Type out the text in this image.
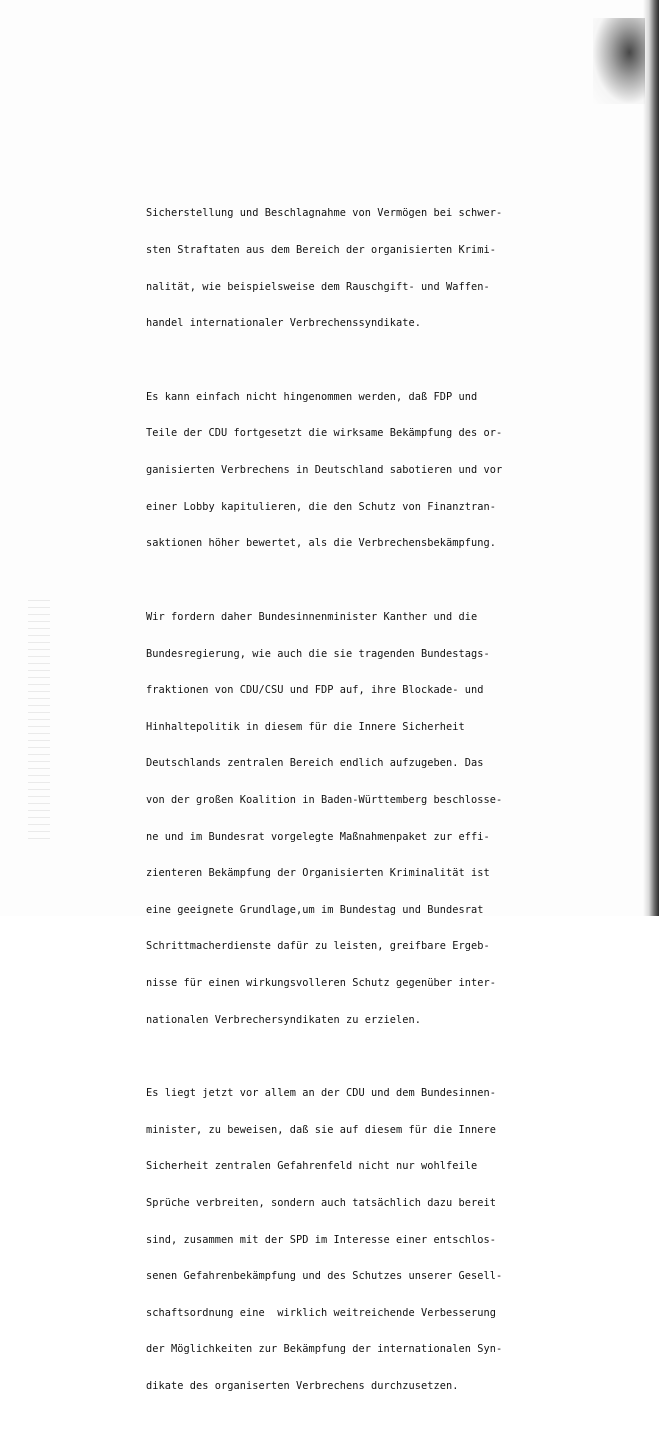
Sicherstellung und Beschlagnahme von Vermögen bei schwer-

sten Straftaten aus dem Bereich der organisierten Krimi-

nalität, wie beispielsweise dem Rauschgift- und Waffen-

handel internationaler Verbrechenssyndikate.

Es kann einfach nicht hingenommen werden, daß FDP und

Teile der CDU fortgesetzt die wirksame Bekämpfung des or-

ganisierten Verbrechens in Deutschland sabotieren und vor

einer Lobby kapitulieren, die den Schutz von Finanztran-

saktionen höher bewertet, als die Verbrechensbekämpfung.

Wir fordern daher Bundesinnenminister Kanther und die

Bundesregierung, wie auch die sie tragenden Bundestags-

fraktionen von CDU/CSU und FDP auf, ihre Blockade- und

Hinhaltepolitik in diesem für die Innere Sicherheit

Deutschlands zentralen Bereich endlich aufzugeben. Das

von der großen Koalition in Baden-Württemberg beschlosse-

ne und im Bundesrat vorgelegte Maßnahmenpaket zur effi-

zienteren Bekämpfung der Organisierten Kriminalität ist

eine geeignete Grundlage,um im Bundestag und Bundesrat

Schrittmacherdienste dafür zu leisten, greifbare Ergeb-

nisse für einen wirkungsvolleren Schutz gegenüber inter-

nationalen Verbrechersyndikaten zu erzielen.

Es liegt jetzt vor allem an der CDU und dem Bundesinnen-

minister, zu beweisen, daß sie auf diesem für die Innere

Sicherheit zentralen Gefahrenfeld nicht nur wohlfeile

Sprüche verbreiten, sondern auch tatsächlich dazu bereit

sind, zusammen mit der SPD im Interesse einer entschlos-

senen Gefahrenbekämpfung und des Schutzes unserer Gesell-

schaftsordnung eine  wirklich weitreichende Verbesserung

der Möglichkeiten zur Bekämpfung der internationalen Syn-

dikate des organiserten Verbrechens durchzusetzen.
